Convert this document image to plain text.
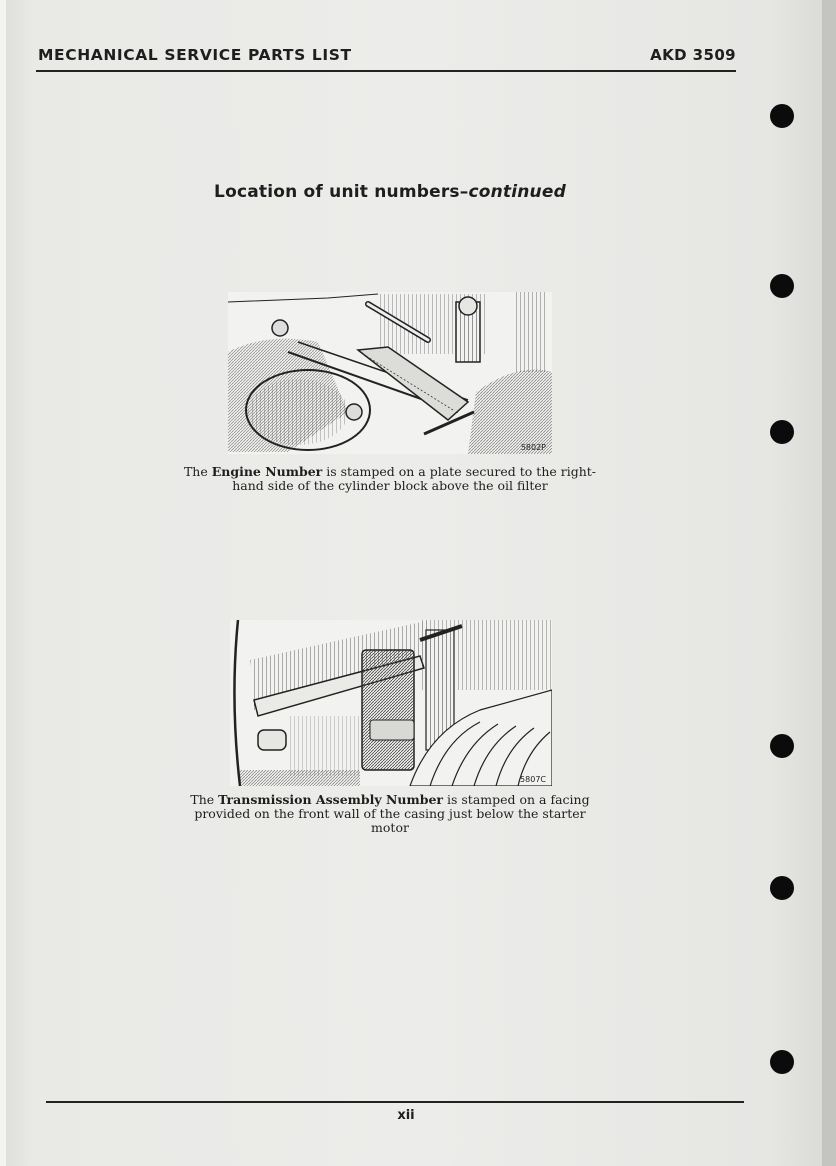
MECHANICAL SERVICE PARTS LIST	AKD 3509
Location of unit numbers–continued
5802P
The Engine Number is stamped on a plate secured to the right-hand side of the cylinder block above the oil filter
5807C
The Transmission Assembly Number is stamped on a facing provided on the front wall of the casing just below the starter motor
xii
